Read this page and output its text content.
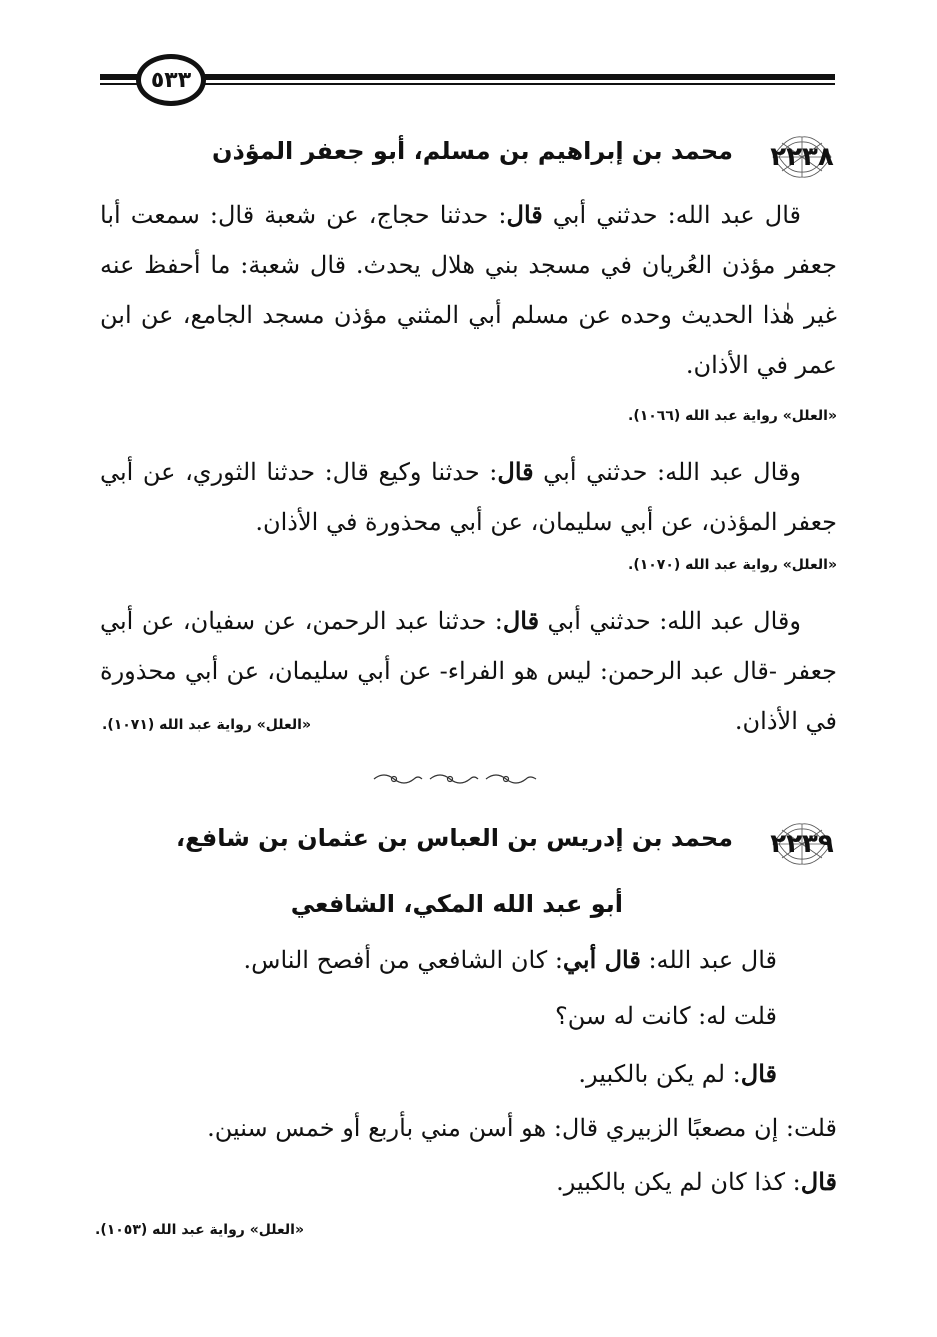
٥٣٣
٢٢٣٨
محمد بن إبراهيم بن مسلم، أبو جعفر المؤذن

قال عبد الله: حدثني أبي قال: حدثنا حجاج، عن شعبة قال: سمعت أبا جعفر مؤذن العُريان في مسجد بني هلال يحدث. قال شعبة: ما أحفظ عنه غير هٰذا الحديث وحده عن مسلم أبي المثني مؤذن مسجد الجامع، عن ابن عمر في الأذان.

«العلل» رواية عبد الله (١٠٦٦).

وقال عبد الله: حدثني أبي قال: حدثنا وكيع قال: حدثنا الثوري، عن أبي جعفر المؤذن، عن أبي سليمان، عن أبي محذورة في الأذان.

«العلل» رواية عبد الله (١٠٧٠).

وقال عبد الله: حدثني أبي قال: حدثنا عبد الرحمن، عن سفيان، عن أبي جعفر -قال عبد الرحمن: ليس هو الفراء- عن أبي سليمان، عن أبي محذورة في الأذان.

«العلل» رواية عبد الله (١٠٧١).
٢٢٣٩
محمد بن إدريس بن العباس بن عثمان بن شافع،
أبو عبد الله المكي، الشافعي

قال عبد الله: قال أبي: كان الشافعي من أفصح الناس.

قلت له: كانت له سن؟

قال: لم يكن بالكبير.

قلت: إن مصعبًا الزبيري قال: هو أسن مني بأربع أو خمس سنين.

قال: كذا كان لم يكن بالكبير.

«العلل» رواية عبد الله (١٠٥٣).
